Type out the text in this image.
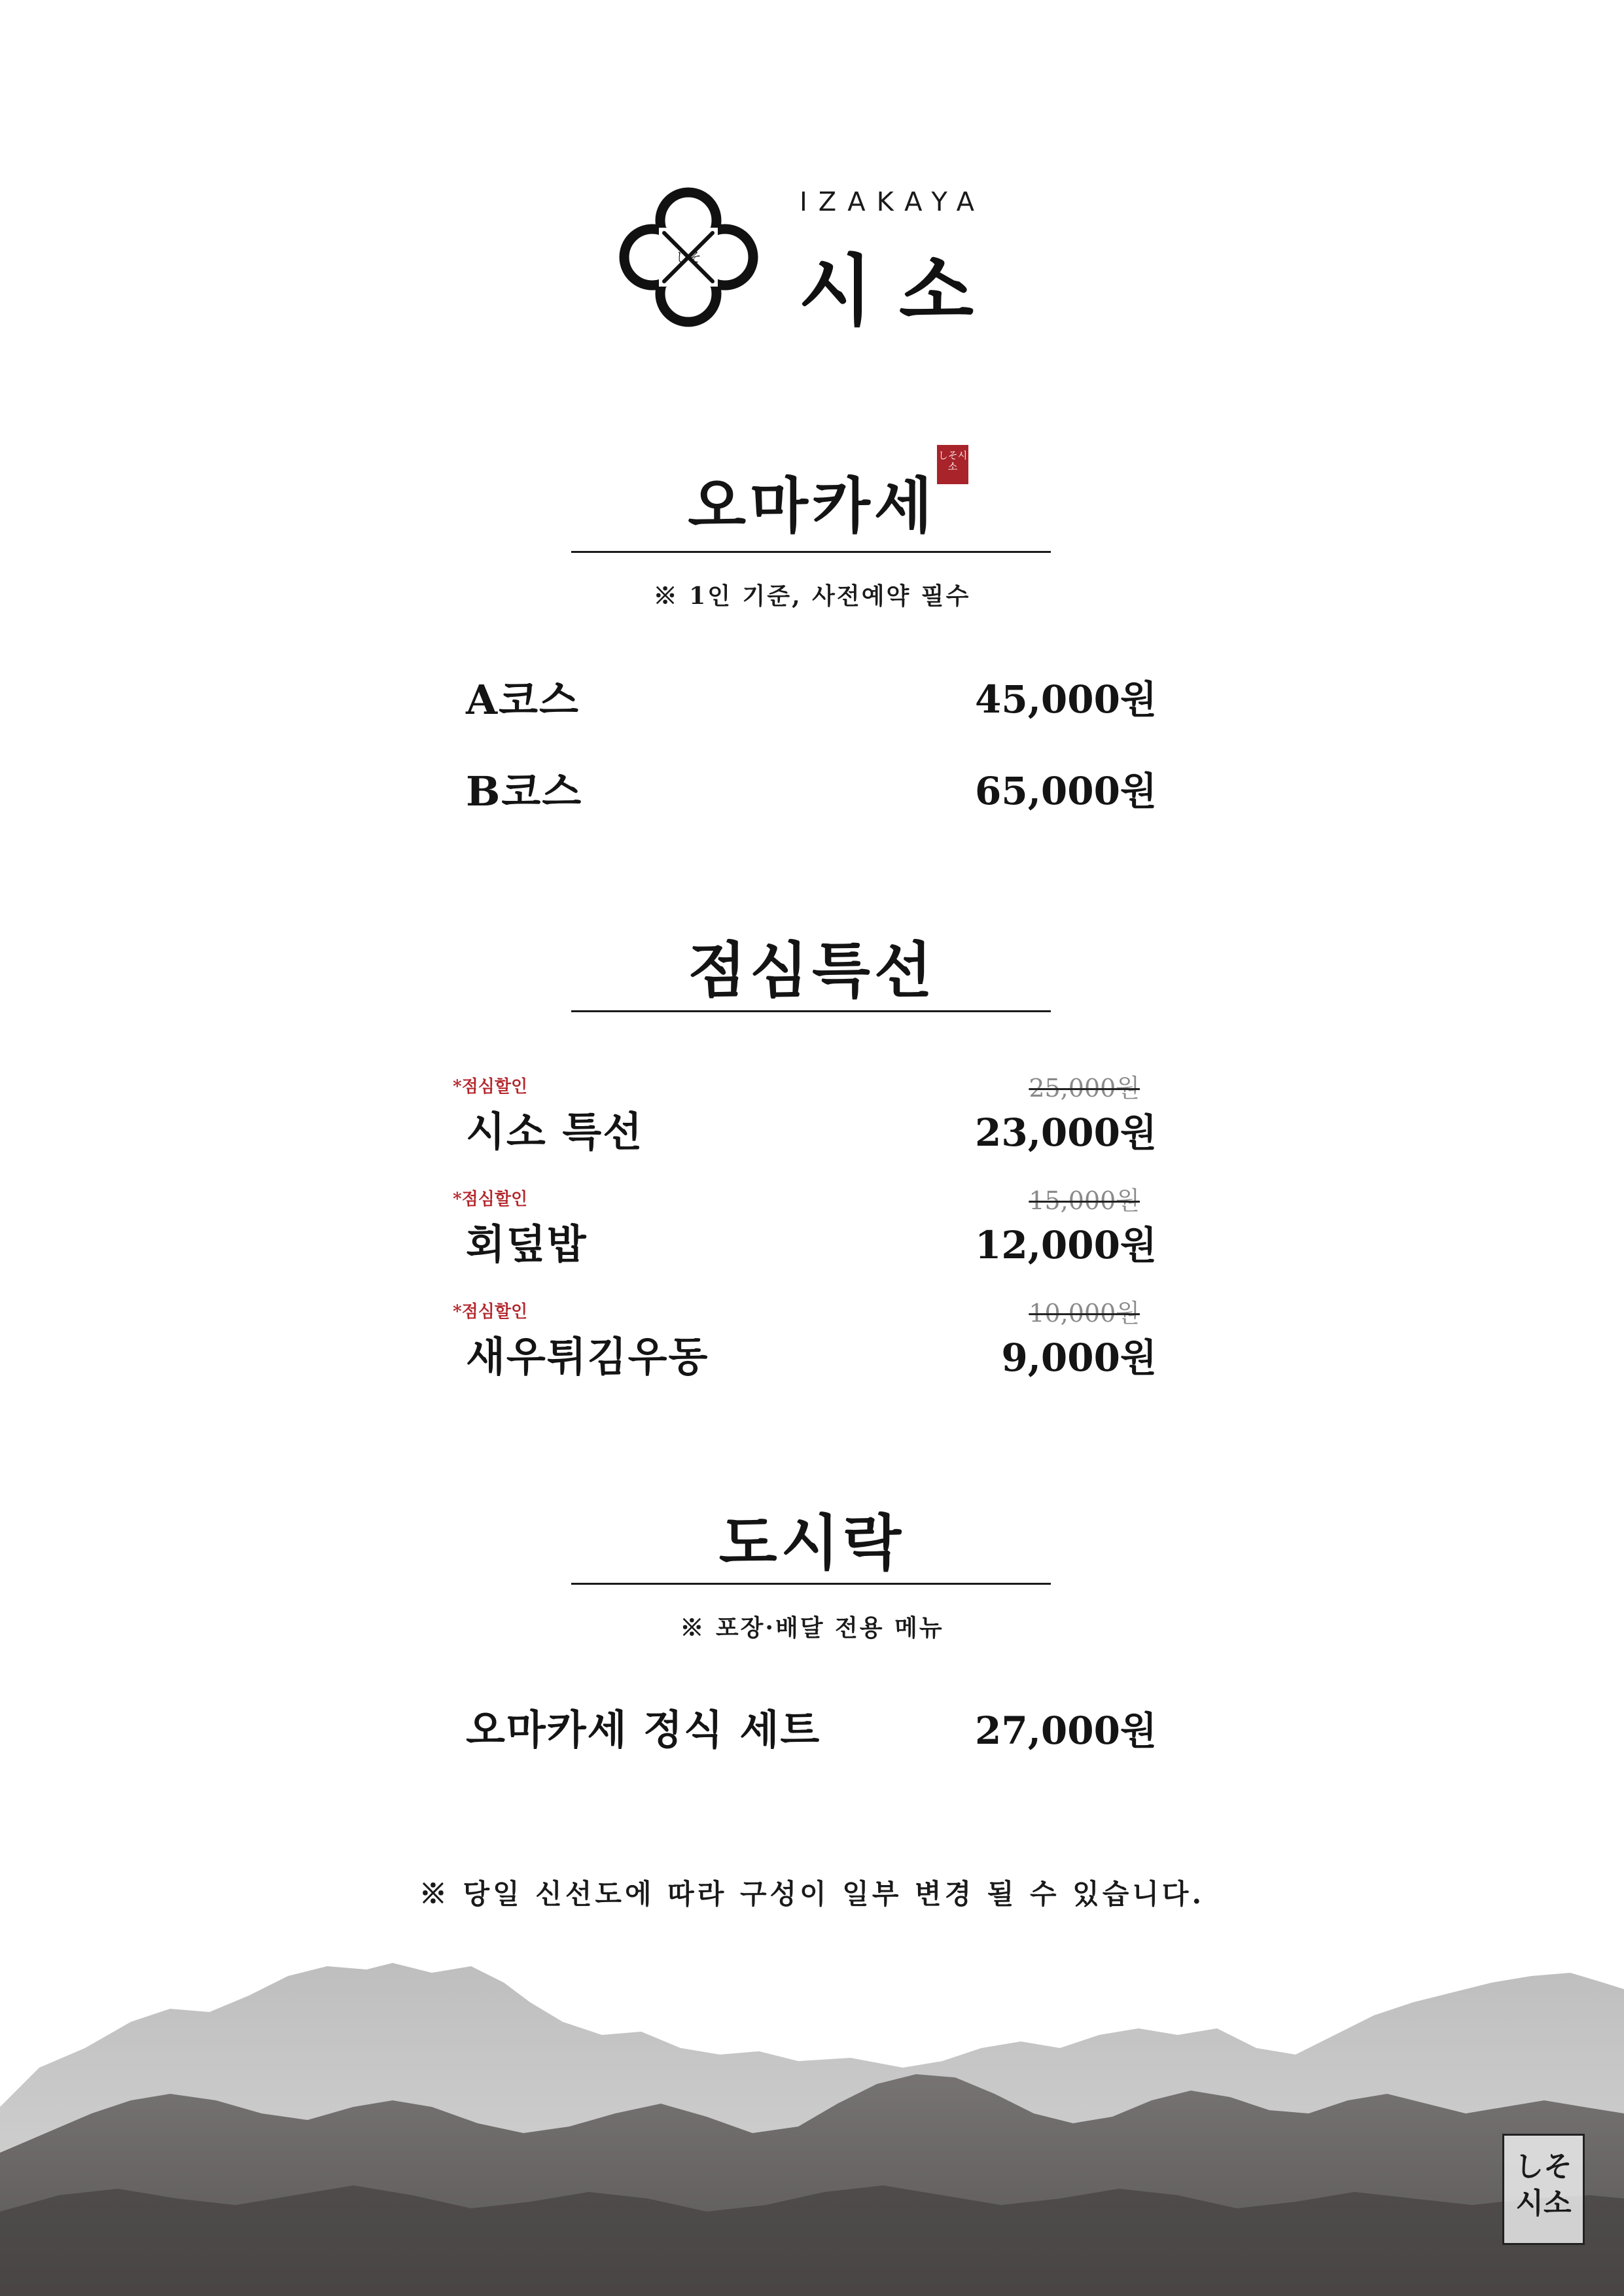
しそ
IZAKAYA
시소
오마카세
しそ시소
※ 1인 기준, 사전예약 필수
A코스	45,000원
B코스	65,000원
점심특선
*점심할인	25,000원
시소 특선	23,000원
*점심할인	15,000원
회덮밥	12,000원
*점심할인	10,000원
새우튀김우동	9,000원
도시락
※ 포장·배달 전용 메뉴
오마카세 정식 세트	27,000원
※ 당일 신선도에 따라 구성이 일부 변경 될 수 있습니다.
しそ
시소
